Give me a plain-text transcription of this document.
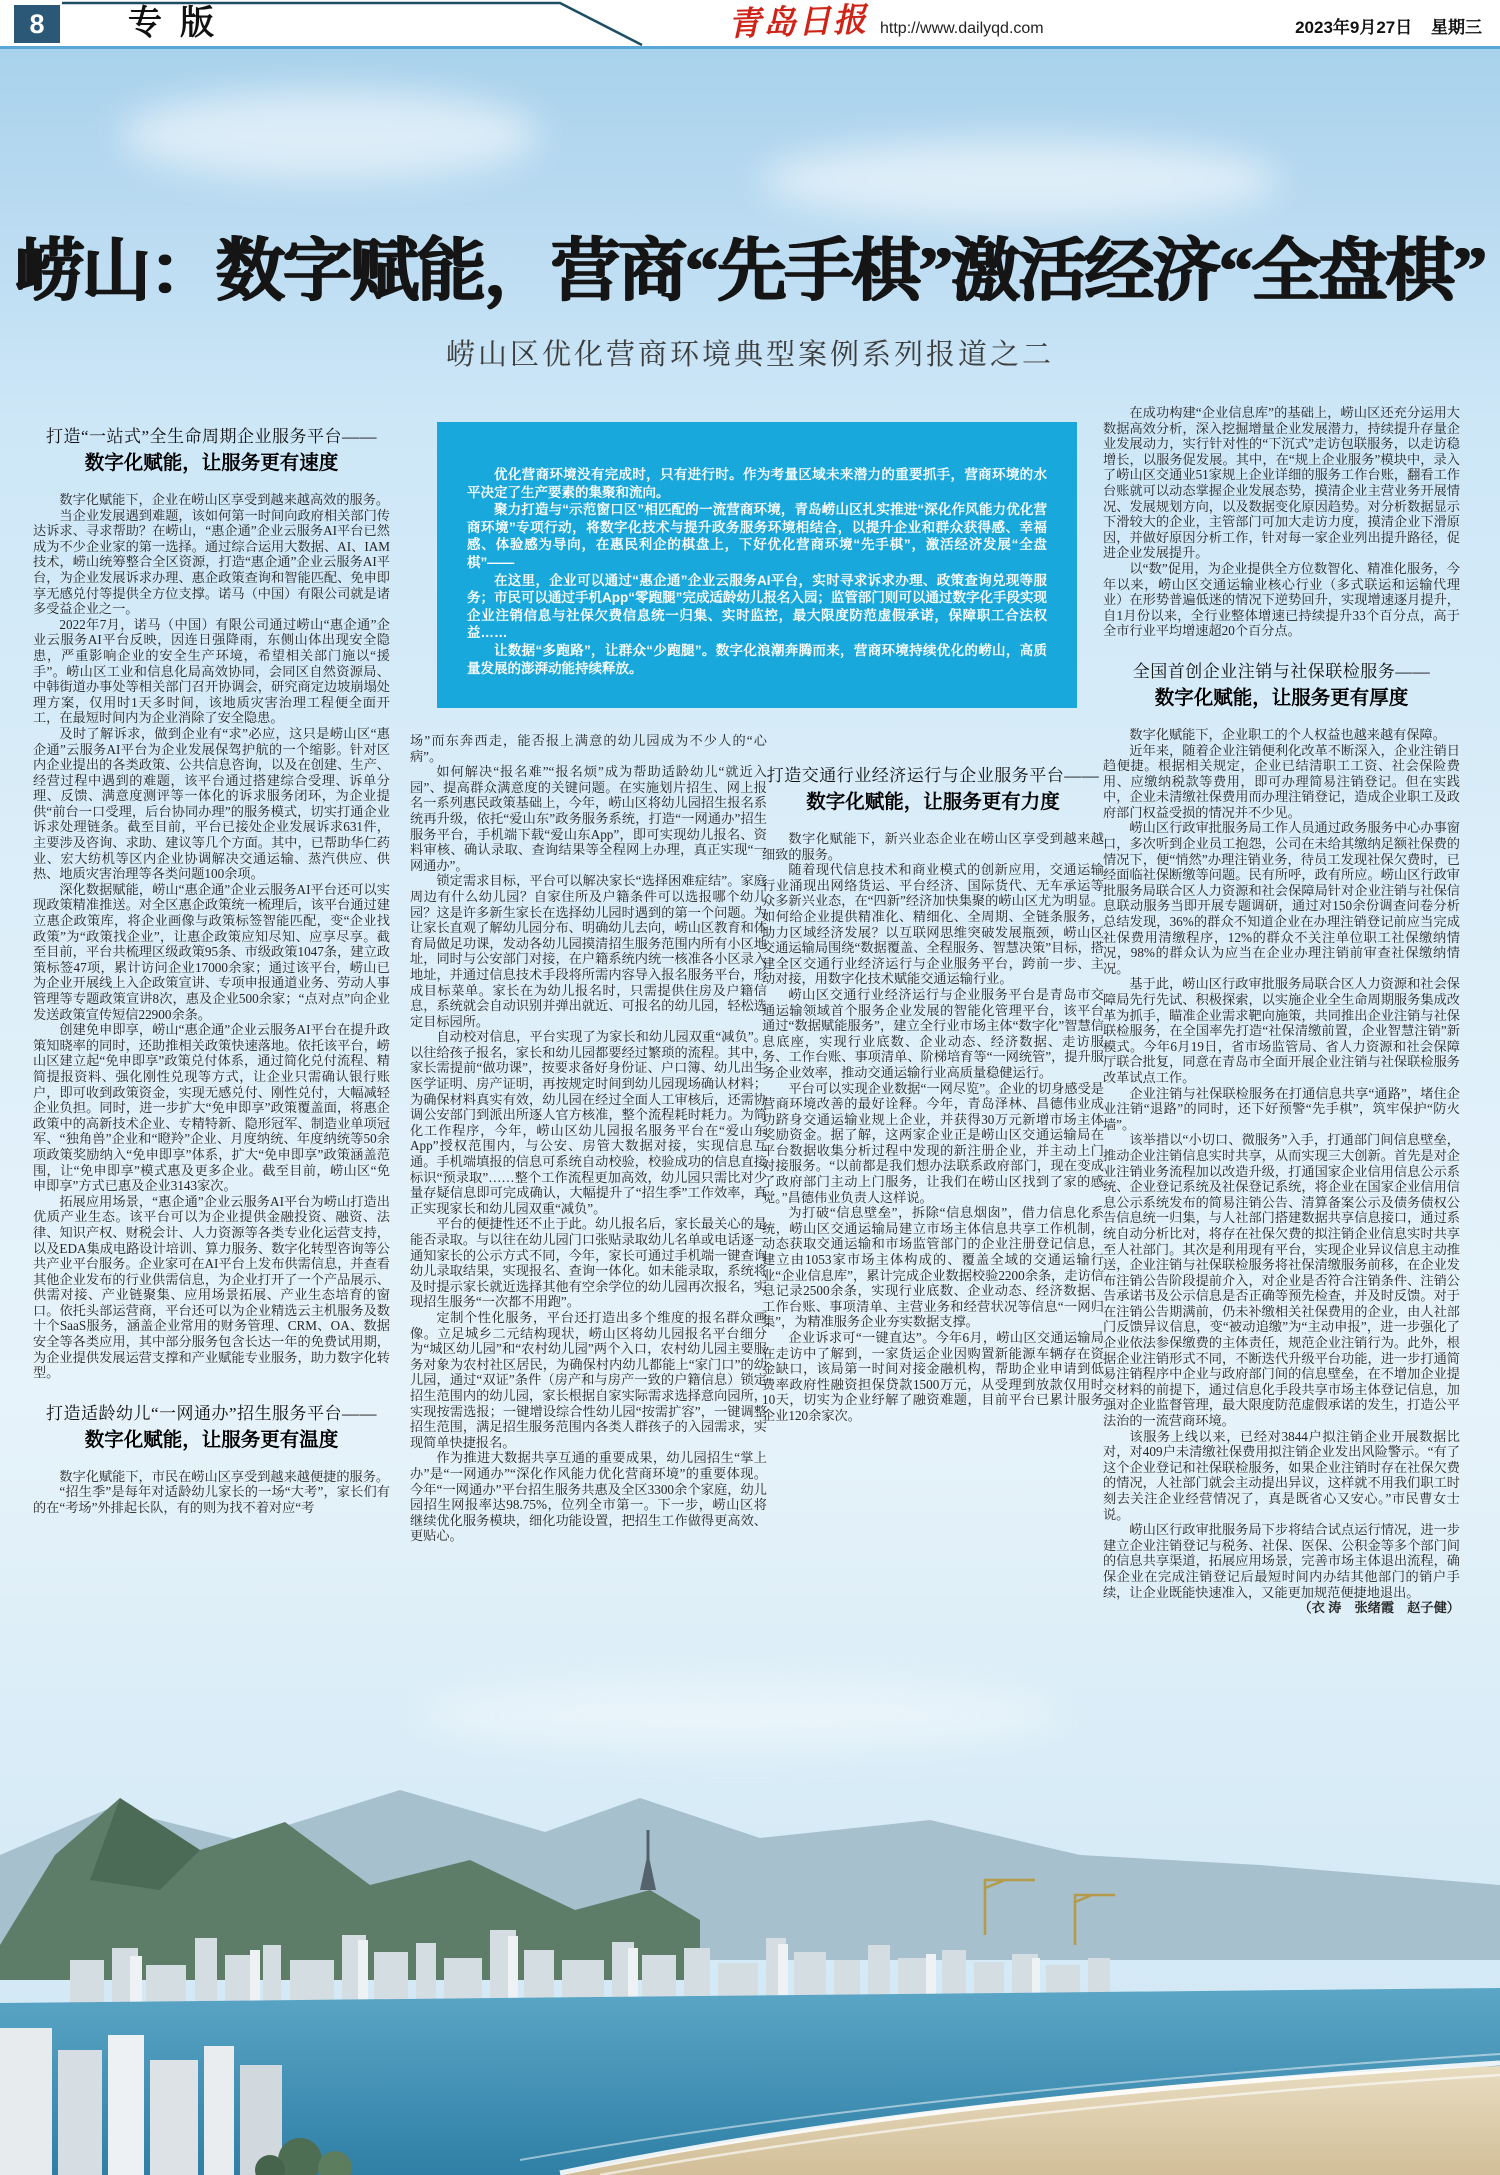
8	专版	青岛日报 http://www.dailyqd.com	2023年9月27日 星期三
崂山：数字赋能，营商“先手棋”激活经济“全盘棋”
崂山区优化营商环境典型案例系列报道之二

优化营商环境没有完成时，只有进行时。作为考量区域未来潜力的重要抓手，营商环境的水平决定了生产要素的集聚和流向。

聚力打造与“示范窗口区”相匹配的一流营商环境，青岛崂山区扎实推进“深化作风能力优化营商环境”专项行动，将数字化技术与提升政务服务环境相结合，以提升企业和群众获得感、幸福感、体验感为导向，在惠民利企的棋盘上，下好优化营商环境“先手棋”，激活经济发展“全盘棋”——

在这里，企业可以通过“惠企通”企业云服务AI平台，实时寻求诉求办理、政策查询兑现等服务；市民可以通过手机App“零跑腿”完成适龄幼儿报名入园；监管部门则可以通过数字化手段实现企业注销信息与社保欠费信息统一归集、实时监控，最大限度防范虚假承诺，保障职工合法权益……

让数据“多跑路”，让群众“少跑腿”。数字化浪潮奔腾而来，营商环境持续优化的崂山，高质量发展的澎湃动能持续释放。

打造“一站式”全生命周期企业服务平台——
数字化赋能，让服务更有速度

数字化赋能下，企业在崂山区享受到越来越高效的服务。

当企业发展遇到难题，该如何第一时间向政府相关部门传达诉求、寻求帮助？在崂山，“惠企通”企业云服务AI平台已然成为不少企业家的第一选择。通过综合运用大数据、AI、IAM技术，崂山统筹整合全区资源，打造“惠企通”企业云服务AI平台，为企业发展诉求办理、惠企政策查询和智能匹配、免申即享无感兑付等提供全方位支撑。诺马（中国）有限公司就是诸多受益企业之一。

2022年7月，诺马（中国）有限公司通过崂山“惠企通”企业云服务AI平台反映，因连日强降雨，东侧山体出现安全隐患，严重影响企业的安全生产环境，希望相关部门施以“援手”。崂山区工业和信息化局高效协同，会同区自然资源局、中韩街道办事处等相关部门召开协调会，研究商定边坡崩塌处理方案，仅用时1天多时间，该地质灾害治理工程便全面开工，在最短时间内为企业消除了安全隐患。

及时了解诉求，做到企业有“求”必应，这只是崂山区“惠企通”云服务AI平台为企业发展保驾护航的一个缩影。针对区内企业提出的各类政策、公共信息咨询，以及在创建、生产、经营过程中遇到的难题，该平台通过搭建综合受理、诉单分理、反馈、满意度测评等一体化的诉求服务闭环，为企业提供“前台一口受理，后台协同办理”的服务模式，切实打通企业诉求处理链条。截至目前，平台已接处企业发展诉求631件，主要涉及咨询、求助、建议等几个方面。其中，已帮助华仁药业、宏大纺机等区内企业协调解决交通运输、蒸汽供应、供热、地质灾害治理等各类问题100余项。

深化数据赋能，崂山“惠企通”企业云服务AI平台还可以实现政策精准推送。对全区惠企政策统一梳理后，该平台通过建立惠企政策库，将企业画像与政策标签智能匹配，变“企业找政策”为“政策找企业”，让惠企政策应知尽知、应享尽享。截至目前，平台共梳理区级政策95条、市级政策1047条，建立政策标签47项，累计访问企业17000余家；通过该平台，崂山已为企业开展线上入企政策宣讲、专项申报通道业务、劳动人事管理等专题政策宣讲8次，惠及企业500余家；“点对点”向企业发送政策宣传短信22900余条。

创建免申即享，崂山“惠企通”企业云服务AI平台在提升政策知晓率的同时，还助推相关政策快速落地。依托该平台，崂山区建立起“免申即享”政策兑付体系，通过简化兑付流程、精简提报资料、强化刚性兑现等方式，让企业只需确认银行账户，即可收到政策资金，实现无感兑付、刚性兑付，大幅减轻企业负担。同时，进一步扩大“免申即享”政策覆盖面，将惠企政策中的高新技术企业、专精特新、隐形冠军、制造业单项冠军、“独角兽”企业和“瞪羚”企业、月度纳统、年度纳统等50余项政策奖励纳入“免申即享”体系，扩大“免申即享”政策涵盖范围，让“免申即享”模式惠及更多企业。截至目前，崂山区“免申即享”方式已惠及企业3143家次。

拓展应用场景，“惠企通”企业云服务AI平台为崂山打造出优质产业生态。该平台可以为企业提供金融投资、融资、法律、知识产权、财税会计、人力资源等各类专业化运营支持，以及EDA集成电路设计培训、算力服务、数字化转型咨询等公共产业平台服务。企业家可在AI平台上发布供需信息，并查看其他企业发布的行业供需信息，为企业打开了一个产品展示、供需对接、产业链聚集、应用场景拓展、产业生态培育的窗口。依托头部运营商，平台还可以为企业精选云主机服务及数十个SaaS服务，涵盖企业常用的财务管理、CRM、OA、数据安全等各类应用，其中部分服务包含长达一年的免费试用期，为企业提供发展运营支撑和产业赋能专业服务，助力数字化转型。

打造适龄幼儿“一网通办”招生服务平台——
数字化赋能，让服务更有温度

数字化赋能下，市民在崂山区享受到越来越便捷的服务。

“招生季”是每年对适龄幼儿家长的一场“大考”，家长们有的在“考场”外排起长队，有的则为找不着对应“考

场”而东奔西走，能否报上满意的幼儿园成为不少人的“心病”。

如何解决“报名难”“报名烦”成为帮助适龄幼儿“就近入园”、提高群众满意度的关键问题。在实施划片招生、网上报名一系列惠民政策基础上，今年，崂山区将幼儿园招生报名系统再升级，依托“爱山东”政务服务系统，打造“一网通办”招生服务平台，手机端下载“爱山东App”，即可实现幼儿报名、资料审核、确认录取、查询结果等全程网上办理，真正实现“一网通办”。

锁定需求目标，平台可以解决家长“选择困难症结”。家庭周边有什么幼儿园？自家住所及户籍条件可以选报哪个幼儿园？这是许多新生家长在选择幼儿园时遇到的第一个问题。为让家长直观了解幼儿园分布、明确幼儿去向，崂山区教育和体育局做足功课，发动各幼儿园摸清招生服务范围内所有小区地址，同时与公安部门对接，在户籍系统内统一核准各小区录入地址，并通过信息技术手段将所需内容导入报名服务平台，形成目标菜单。家长在为幼儿报名时，只需提供住房及户籍信息，系统就会自动识别并弹出就近、可报名的幼儿园，轻松选定目标园所。

自动校对信息，平台实现了为家长和幼儿园双重“减负”。以往给孩子报名，家长和幼儿园都要经过繁琐的流程。其中，家长需提前“做功课”，按要求备好身份证、户口簿、幼儿出生医学证明、房产证明，再按规定时间到幼儿园现场确认材料；为确保材料真实有效，幼儿园在经过全面人工审核后，还需协调公安部门到派出所逐人官方核准，整个流程耗时耗力。为简化工作程序，今年，崂山区幼儿园报名服务平台在“爱山东App”授权范围内，与公安、房管大数据对接，实现信息互通。手机端填报的信息可系统自动校验，校验成功的信息直接标识“预录取”……整个工作流程更加高效，幼儿园只需比对少量存疑信息即可完成确认，大幅提升了“招生季”工作效率，真正实现家长和幼儿园双重“减负”。

平台的便捷性还不止于此。幼儿报名后，家长最关心的是能否录取。与以往在幼儿园门口张贴录取幼儿名单或电话逐一通知家长的公示方式不同，今年，家长可通过手机端一键查询幼儿录取结果，实现报名、查询一体化。如未能录取，系统将及时提示家长就近选择其他有空余学位的幼儿园再次报名，实现招生服务“一次都不用跑”。

定制个性化服务，平台还打造出多个维度的报名群众画像。立足城乡二元结构现状，崂山区将幼儿园报名平台细分为“城区幼儿园”和“农村幼儿园”两个入口，农村幼儿园主要服务对象为农村社区居民，为确保村内幼儿都能上“家门口”的幼儿园，通过“双证”条件（房产和与房产一致的户籍信息）锁定招生范围内的幼儿园，家长根据自家实际需求选择意向园所，实现按需选报；一键增设综合性幼儿园“按需扩容”，一键调整招生范围，满足招生服务范围内各类人群孩子的入园需求，实现简单快捷报名。

作为推进大数据共享互通的重要成果，幼儿园招生“掌上办”是“一网通办”“深化作风能力优化营商环境”的重要体现。今年“一网通办”平台招生服务共惠及全区3300余个家庭，幼儿园招生网报率达98.75%，位列全市第一。下一步，崂山区将继续优化服务模块，细化功能设置，把招生工作做得更高效、更贴心。

打造交通行业经济运行与企业服务平台——
数字化赋能，让服务更有力度

数字化赋能下，新兴业态企业在崂山区享受到越来越细致的服务。

随着现代信息技术和商业模式的创新应用，交通运输行业涌现出网络货运、平台经济、国际货代、无车承运等众多新兴业态，在“四新”经济加快集聚的崂山区尤为明显。如何给企业提供精准化、精细化、全周期、全链条服务，助力区域经济发展？以互联网思维突破发展瓶颈，崂山区交通运输局围绕“数据覆盖、全程服务、智慧决策”目标，搭建全区交通行业经济运行与企业服务平台，跨前一步、主动对接，用数字化技术赋能交通运输行业。

崂山区交通行业经济运行与企业服务平台是青岛市交通运输领域首个服务企业发展的智能化管理平台，该平台通过“数据赋能服务”，建立全行业市场主体“数字化”智慧信息底座，实现行业底数、企业动态、经济数据、走访服务、工作台账、事项清单、阶梯培育等“一网统管”，提升服务企业效率，推动交通运输行业高质量稳健运行。

平台可以实现企业数据“一网尽览”。企业的切身感受是营商环境改善的最好诠释。今年，青岛泽林、昌德伟业成功跻身交通运输业规上企业，并获得30万元新增市场主体奖励资金。据了解，这两家企业正是崂山区交通运输局在平台数据收集分析过程中发现的新注册企业，并主动上门对接服务。“以前都是我们想办法联系政府部门，现在变成了政府部门主动上门服务，让我们在崂山区找到了家的感觉。”昌德伟业负责人这样说。

为打破“信息壁垒”，拆除“信息烟囱”，借力信息化系统，崂山区交通运输局建立市场主体信息共享工作机制，动态获取交通运输和市场监管部门的企业注册登记信息，建立由1053家市场主体构成的、覆盖全域的交通运输行业“企业信息库”，累计完成企业数据校验2200余条，走访信息记录2500余条，实现行业底数、企业动态、经济数据、工作台账、事项清单、主营业务和经营状况等信息“一网归集”，为精准服务企业夯实数据支撑。

企业诉求可“一键直达”。今年6月，崂山区交通运输局在走访中了解到，一家货运企业因购置新能源车辆存在资金缺口，该局第一时间对接金融机构，帮助企业申请到低费率政府性融资担保贷款1500万元，从受理到放款仅用时10天，切实为企业纾解了融资难题，目前平台已累计服务企业120余家次。

在成功构建“企业信息库”的基础上，崂山区还充分运用大数据高效分析，深入挖掘增量企业发展潜力，持续提升存量企业发展动力，实行针对性的“下沉式”走访包联服务，以走访稳增长，以服务促发展。其中，在“规上企业服务”模块中，录入了崂山区交通业51家规上企业详细的服务工作台账，翻看工作台账就可以动态掌握企业发展态势，摸清企业主营业务开展情况、发展规划方向，以及数据变化原因趋势。对分析数据显示下滑较大的企业，主管部门可加大走访力度，摸清企业下滑原因，并做好原因分析工作，针对每一家企业列出提升路径，促进企业发展提升。

以“数”促用，为企业提供全方位数智化、精准化服务，今年以来，崂山区交通运输业核心行业（多式联运和运输代理业）在形势普遍低迷的情况下逆势回升，实现增速逐月提升，自1月份以来，全行业整体增速已持续提升33个百分点，高于全市行业平均增速超20个百分点。

全国首创企业注销与社保联检服务——
数字化赋能，让服务更有厚度

数字化赋能下，企业职工的个人权益也越来越有保障。

近年来，随着企业注销便利化改革不断深入，企业注销日趋便捷。根据相关规定，企业已结清职工工资、社会保险费用、应缴纳税款等费用，即可办理简易注销登记。但在实践中，企业未清缴社保费用而办理注销登记，造成企业职工及政府部门权益受损的情况并不少见。

崂山区行政审批服务局工作人员通过政务服务中心办事窗口，多次听到企业员工抱怨，公司在未给其缴纳足额社保费的情况下，便“悄然”办理注销业务，待员工发现社保欠费时，已经面临社保断缴等问题。民有所呼，政有所应。崂山区行政审批服务局联合区人力资源和社会保障局针对企业注销与社保信息联动服务当即开展专题调研，通过对150余份调查问卷分析总结发现，36%的群众不知道企业在办理注销登记前应当完成社保费用清缴程序，12%的群众不关注单位职工社保缴纳情况，98%的群众认为应当在企业办理注销前审查社保缴纳情况。

基于此，崂山区行政审批服务局联合区人力资源和社会保障局先行先试、积极探索，以实施企业全生命周期服务集成改革为抓手，瞄准企业需求靶向施策，共同推出企业注销与社保联检服务，在全国率先打造“社保清缴前置，企业智慧注销”新模式。今年6月19日，省市场监管局、省人力资源和社会保障厅联合批复，同意在青岛市全面开展企业注销与社保联检服务改革试点工作。

企业注销与社保联检服务在打通信息共享“通路”，堵住企业注销“退路”的同时，还下好预警“先手棋”，筑牢保护“防火墙”。

该举措以“小切口、微服务”入手，打通部门间信息壁垒，推动企业注销信息实时共享，从而实现三大创新。首先是对企业注销业务流程加以改造升级，打通国家企业信用信息公示系统、企业登记系统及社保登记系统，将企业在国家企业信用信息公示系统发布的简易注销公告、清算备案公示及债务债权公告信息统一归集，与人社部门搭建数据共享信息接口，通过系统自动分析比对，将存在社保欠费的拟注销企业信息实时共享至人社部门。其次是利用现有平台，实现企业异议信息主动推送，企业注销与社保联检服务将社保清缴服务前移，在企业发布注销公告阶段提前介入，对企业是否符合注销条件、注销公告承诺书及公示信息是否正确等预先检查，并及时反馈。对于在注销公告期满前，仍未补缴相关社保费用的企业，由人社部门反馈异议信息，变“被动追缴”为“主动申报”，进一步强化了企业依法参保缴费的主体责任，规范企业注销行为。此外，根据企业注销形式不同，不断迭代升级平台功能，进一步打通简易注销程序中企业与政府部门间的信息壁垒，在不增加企业提交材料的前提下，通过信息化手段共享市场主体登记信息，加强对企业监督管理，最大限度防范虚假承诺的发生，打造公平法治的一流营商环境。

该服务上线以来，已经对3844户拟注销企业开展数据比对，对409户未清缴社保费用拟注销企业发出风险警示。“有了这个企业登记和社保联检服务，如果企业注销时存在社保欠费的情况，人社部门就会主动提出异议，这样就不用我们职工时刻去关注企业经营情况了，真是既省心又安心。”市民曹女士说。

崂山区行政审批服务局下步将结合试点运行情况，进一步建立企业注销登记与税务、社保、医保、公积金等多个部门间的信息共享渠道，拓展应用场景，完善市场主体退出流程，确保企业在完成注销登记后最短时间内办结其他部门的销户手续，让企业既能快速准入，又能更加规范便捷地退出。
（衣 涛　张绪霞　赵子健）
